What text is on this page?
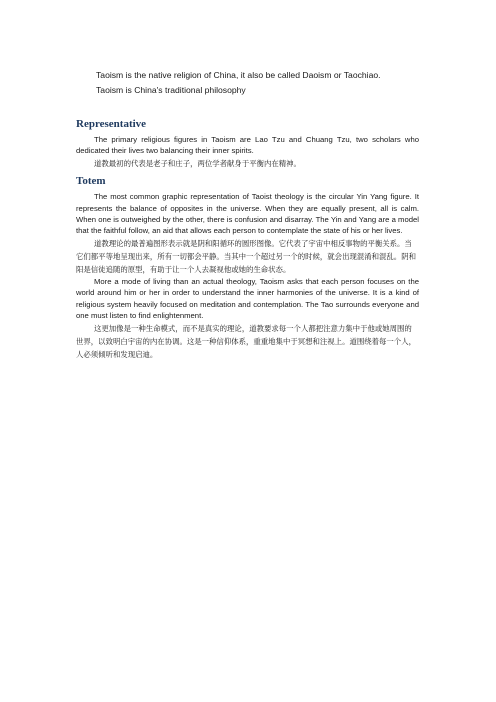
Taoism is the native religion of China, it also be called Daoism or Taochiao.

Taoism is China's traditional philosophy

Representative

The primary religious figures in Taoism are Lao Tzu and Chuang Tzu, two scholars who dedicated their lives two balancing their inner spirits.

道教最初的代表是老子和庄子，两位学者献身于平衡内在精神。

Totem

The most common graphic representation of Taoist theology is the circular Yin Yang figure. It represents the balance of opposites in the universe. When they are equally present, all is calm. When one is outweighed by the other, there is confusion and disarray. The Yin and Yang are a model that the faithful follow, an aid that allows each person to contemplate the state of his or her lives.

道教理论的最普遍图形表示就是阴和阳循环的圆形图像。它代表了宇宙中相反事物的平衡关系。当它们都平等地呈现出来，所有一切都会平静。当其中一个超过另一个的时候，就会出现混淆和混乱。阴和阳是信徒追随的原型，有助于让一个人去凝视他或她的生命状态。

More a mode of living than an actual theology, Taoism asks that each person focuses on the world around him or her in order to understand the inner harmonies of the universe. It is a kind of religious system heavily focused on meditation and contemplation. The Tao surrounds everyone and one must listen to find enlightenment.

这更加像是一种生命模式，而不是真实的理论，道教要求每一个人都把注意力集中于他或她周围的世界，以致明白宇宙的内在协调。这是一种信仰体系，重重地集中于冥想和注视上。道围绕着每一个人，人必须倾听和发现启迪。
